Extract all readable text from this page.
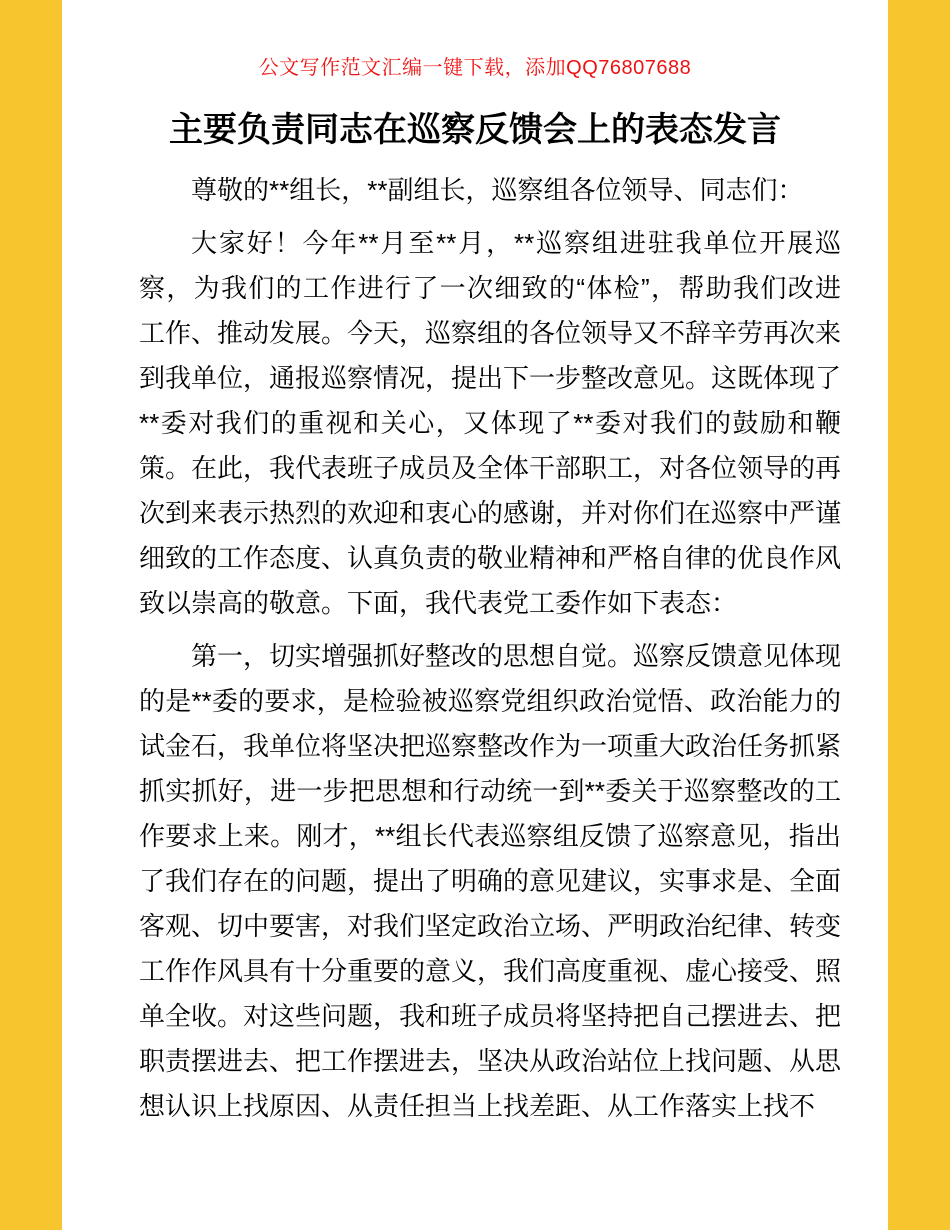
公文写作范文汇编一键下载，添加QQ76807688
主要负责同志在巡察反馈会上的表态发言
尊敬的**组长，**副组长，巡察组各位领导、同志们：
大家好！今年**月至**月，**巡察组进驻我单位开展巡
察，为我们的工作进行了一次细致的“体检”，帮助我们改进
工作、推动发展。今天，巡察组的各位领导又不辞辛劳再次来
到我单位，通报巡察情况，提出下一步整改意见。这既体现了
**委对我们的重视和关心，又体现了**委对我们的鼓励和鞭
策。在此，我代表班子成员及全体干部职工，对各位领导的再
次到来表示热烈的欢迎和衷心的感谢，并对你们在巡察中严谨
细致的工作态度、认真负责的敬业精神和严格自律的优良作风
致以崇高的敬意。下面，我代表党工委作如下表态：
第一，切实增强抓好整改的思想自觉。巡察反馈意见体现
的是**委的要求，是检验被巡察党组织政治觉悟、政治能力的
试金石，我单位将坚决把巡察整改作为一项重大政治任务抓紧
抓实抓好，进一步把思想和行动统一到**委关于巡察整改的工
作要求上来。刚才，**组长代表巡察组反馈了巡察意见，指出
了我们存在的问题，提出了明确的意见建议，实事求是、全面
客观、切中要害，对我们坚定政治立场、严明政治纪律、转变
工作作风具有十分重要的意义，我们高度重视、虚心接受、照
单全收。对这些问题，我和班子成员将坚持把自己摆进去、把
职责摆进去、把工作摆进去，坚决从政治站位上找问题、从思
想认识上找原因、从责任担当上找差距、从工作落实上找不
